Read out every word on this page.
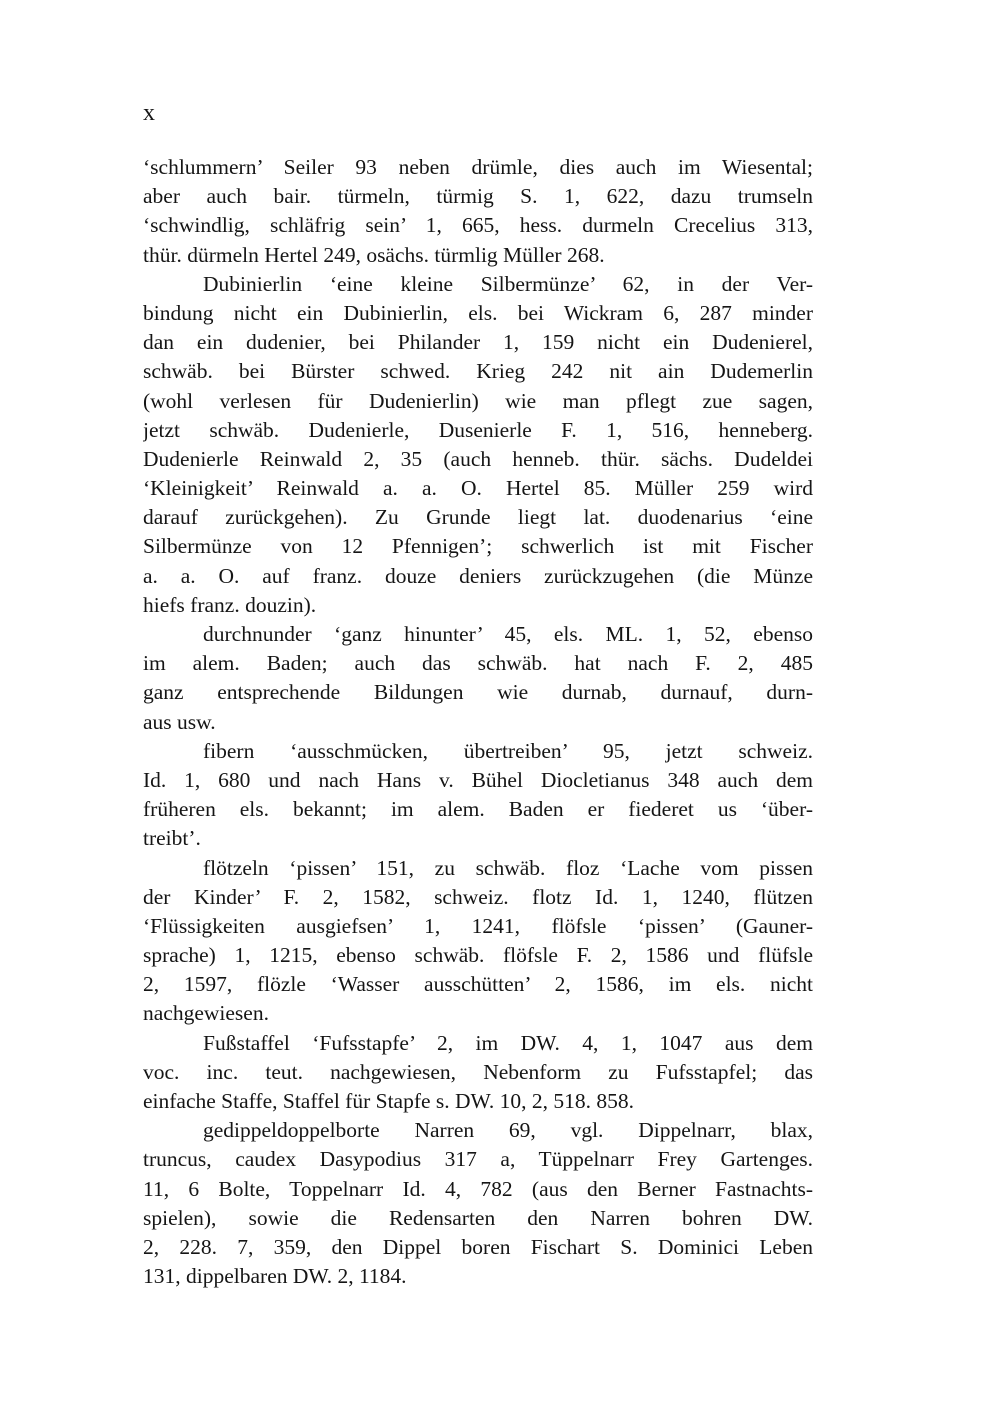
x
‘schlummern’ Seiler 93 neben drümle, dies auch im Wiesental;
aber auch bair. türmeln, türmig S. 1, 622, dazu trumseln
‘schwindlig, schläfrig sein’ 1, 665, hess. durmeln Crecelius 313,
thür. dürmeln Hertel 249, osächs. türmlig Müller 268.
Dubinierlin ‘eine kleine Silbermünze’ 62, in der Ver-
bindung nicht ein Dubinierlin, els. bei Wickram 6, 287 minder
dan ein dudenier, bei Philander 1, 159 nicht ein Dudenierel,
schwäb. bei Bürster schwed. Krieg 242 nit ain Dudemerlin
(wohl verlesen für Dudenierlin) wie man pflegt zue sagen,
jetzt schwäb. Dudenierle, Dusenierle F. 1, 516, henneberg.
Dudenierle Reinwald 2, 35 (auch henneb. thür. sächs. Dudeldei
‘Kleinigkeit’ Reinwald a. a. O. Hertel 85. Müller 259 wird
darauf zurückgehen). Zu Grunde liegt lat. duodenarius ‘eine
Silbermünze von 12 Pfennigen’; schwerlich ist mit Fischer
a. a. O. auf franz. douze deniers zurückzugehen (die Münze
hiefs franz. douzin).
durchnunder ‘ganz hinunter’ 45, els. ML. 1, 52, ebenso
im alem. Baden; auch das schwäb. hat nach F. 2, 485
ganz entsprechende Bildungen wie durnab, durnauf, durn-
aus usw.
fibern ‘ausschmücken, übertreiben’ 95, jetzt schweiz.
Id. 1, 680 und nach Hans v. Bühel Diocletianus 348 auch dem
früheren els. bekannt; im alem. Baden er fiederet us ‘über-
treibt’.
flötzeln ‘pissen’ 151, zu schwäb. floz ‘Lache vom pissen
der Kinder’ F. 2, 1582, schweiz. flotz Id. 1, 1240, flützen
‘Flüssigkeiten ausgiefsen’ 1, 1241, flöfsle ‘pissen’ (Gauner-
sprache) 1, 1215, ebenso schwäb. flöfsle F. 2, 1586 und flüfsle
2, 1597, flözle ‘Wasser ausschütten’ 2, 1586, im els. nicht
nachgewiesen.
Fußstaffel ‘Fufsstapfe’ 2, im DW. 4, 1, 1047 aus dem
voc. inc. teut. nachgewiesen, Nebenform zu Fufsstapfel; das
einfache Staffe, Staffel für Stapfe s. DW. 10, 2, 518. 858.
gedippeldoppelborte Narren 69, vgl. Dippelnarr, blax,
truncus, caudex Dasypodius 317 a, Tüppelnarr Frey Gartenges.
11, 6 Bolte, Toppelnarr Id. 4, 782 (aus den Berner Fastnachts-
spielen), sowie die Redensarten den Narren bohren DW.
2, 228. 7, 359, den Dippel boren Fischart S. Dominici Leben
131, dippelbaren DW. 2, 1184.
